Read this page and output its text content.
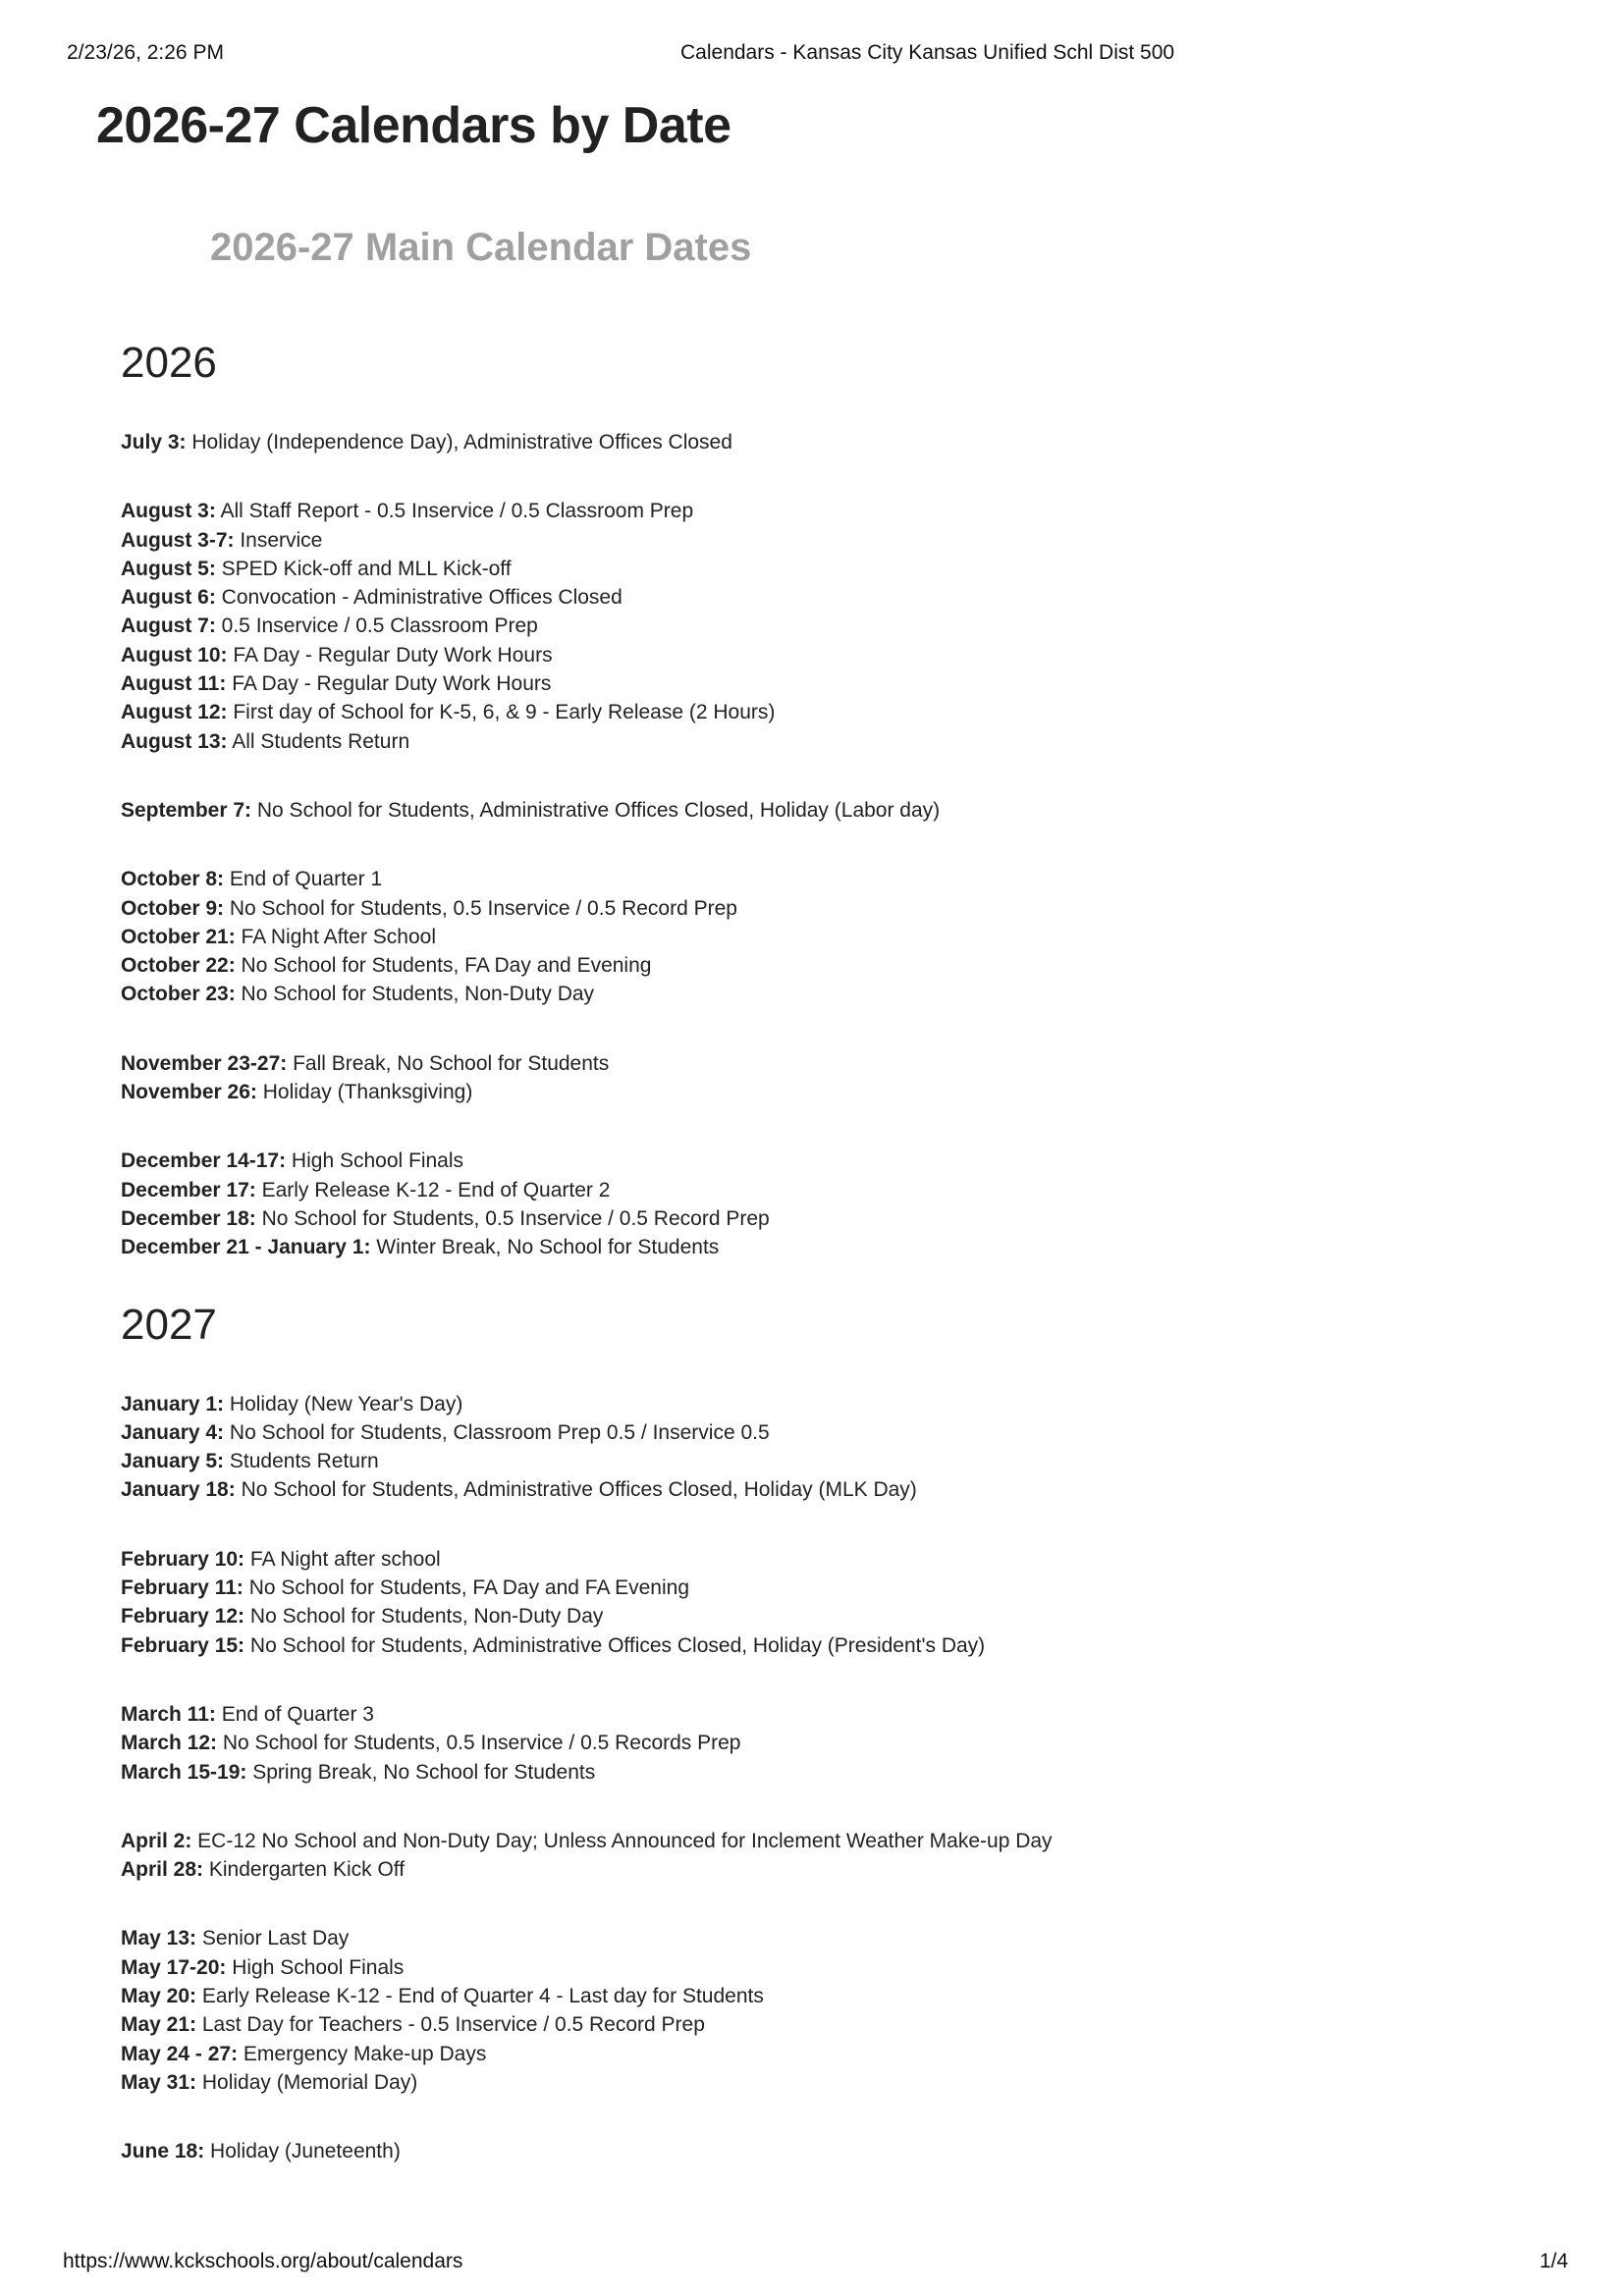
2/23/26, 2:26 PM	Calendars - Kansas City Kansas Unified Schl Dist 500
2026-27 Calendars by Date
2026-27 Main Calendar Dates
2026
July 3: Holiday (Independence Day), Administrative Offices Closed
August 3: All Staff Report - 0.5 Inservice / 0.5 Classroom Prep
August 3-7: Inservice
August 5: SPED Kick-off and MLL Kick-off
August 6: Convocation - Administrative Offices Closed
August 7: 0.5 Inservice / 0.5 Classroom Prep
August 10: FA Day - Regular Duty Work Hours
August 11: FA Day - Regular Duty Work Hours
August 12: First day of School for K-5, 6, & 9 - Early Release (2 Hours)
August 13: All Students Return
September 7: No School for Students, Administrative Offices Closed, Holiday (Labor day)
October 8: End of Quarter 1
October 9: No School for Students, 0.5 Inservice / 0.5 Record Prep
October 21: FA Night After School
October 22: No School for Students, FA Day and Evening
October 23: No School for Students, Non-Duty Day
November 23-27: Fall Break, No School for Students
November 26: Holiday (Thanksgiving)
December 14-17: High School Finals
December 17: Early Release K-12 - End of Quarter 2
December 18: No School for Students, 0.5 Inservice / 0.5 Record Prep
December 21 - January 1: Winter Break, No School for Students
2027
January 1: Holiday (New Year's Day)
January 4: No School for Students, Classroom Prep 0.5 / Inservice 0.5
January 5: Students Return
January 18: No School for Students, Administrative Offices Closed, Holiday (MLK Day)
February 10: FA Night after school
February 11: No School for Students, FA Day and FA Evening
February 12: No School for Students, Non-Duty Day
February 15: No School for Students, Administrative Offices Closed, Holiday (President's Day)
March 11: End of Quarter 3
March 12: No School for Students, 0.5 Inservice / 0.5 Records Prep
March 15-19: Spring Break, No School for Students
April 2: EC-12 No School and Non-Duty Day; Unless Announced for Inclement Weather Make-up Day
April 28: Kindergarten Kick Off
May 13: Senior Last Day
May 17-20: High School Finals
May 20: Early Release K-12 - End of Quarter 4 - Last day for Students
May 21: Last Day for Teachers - 0.5 Inservice / 0.5 Record Prep
May 24 - 27: Emergency Make-up Days
May 31: Holiday (Memorial Day)
June 18: Holiday (Juneteenth)
https://www.kckschools.org/about/calendars	1/4
